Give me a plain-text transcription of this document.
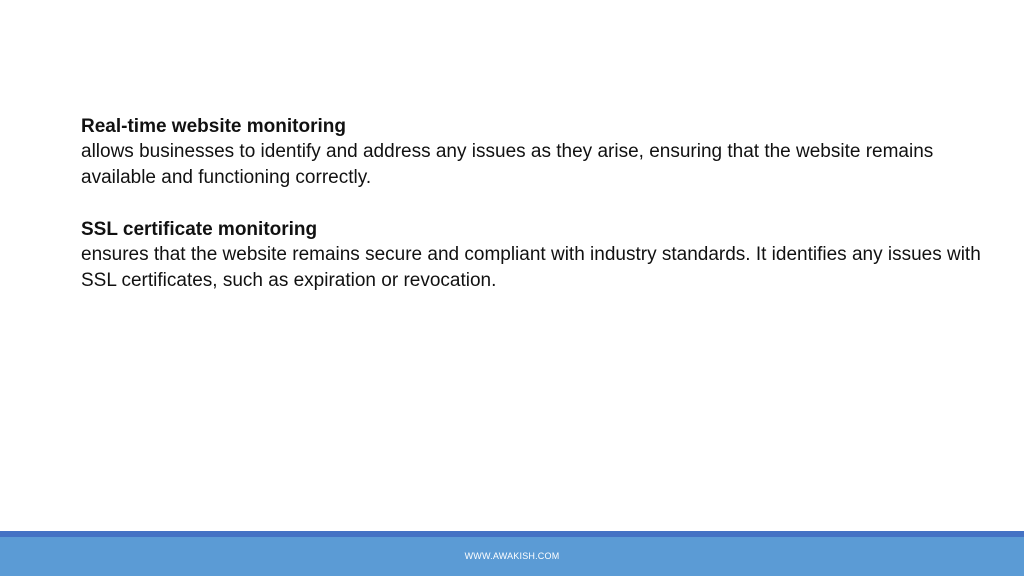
Real-time website monitoring

allows businesses to identify and address any issues as they arise, ensuring that the website remains available and functioning correctly.

SSL certificate monitoring

ensures that the website remains secure and compliant with industry standards. It identifies any issues with SSL certificates, such as expiration or revocation.

WWW.AWAKISH.COM
